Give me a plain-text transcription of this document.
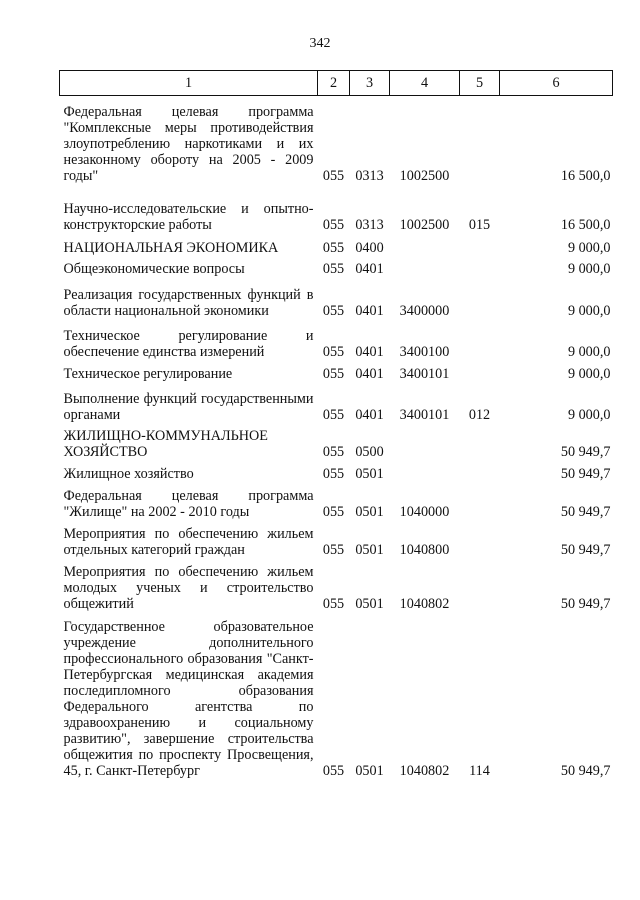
342
1	2	3	4	5	6

Федеральная целевая программа "Комплексные меры противодействия злоупотреблению наркотиками и их незаконному обороту на 2005 - 2009 годы"	055	0313	1002500		16 500,0

Научно-исследовательские и опытно-конструкторские работы	055	0313	1002500	015	16 500,0

НАЦИОНАЛЬНАЯ ЭКОНОМИКА	055	0400			9 000,0

Общеэкономические вопросы	055	0401			9 000,0

Реализация государственных функций в области национальной экономики	055	0401	3400000		9 000,0

Техническое регулирование и обеспечение единства измерений	055	0401	3400100		9 000,0

Техническое регулирование	055	0401	3400101		9 000,0

Выполнение функций государственными органами	055	0401	3400101	012	9 000,0

ЖИЛИЩНО-КОММУНАЛЬНОЕ ХОЗЯЙСТВО	055	0500			50 949,7

Жилищное хозяйство	055	0501			50 949,7

Федеральная целевая программа "Жилище" на 2002 - 2010 годы	055	0501	1040000		50 949,7

Мероприятия по обеспечению жильем отдельных категорий граждан	055	0501	1040800		50 949,7

Мероприятия по обеспечению жильем молодых ученых и строительство общежитий	055	0501	1040802		50 949,7

Государственное образовательное учреждение дополнительного профессионального образования "Санкт-Петербургская медицинская академия последипломного образования Федерального агентства по здравоохранению и социальному развитию", завершение строительства общежития по проспекту Просвещения, 45, г. Санкт-Петербург	055	0501	1040802	114	50 949,7
